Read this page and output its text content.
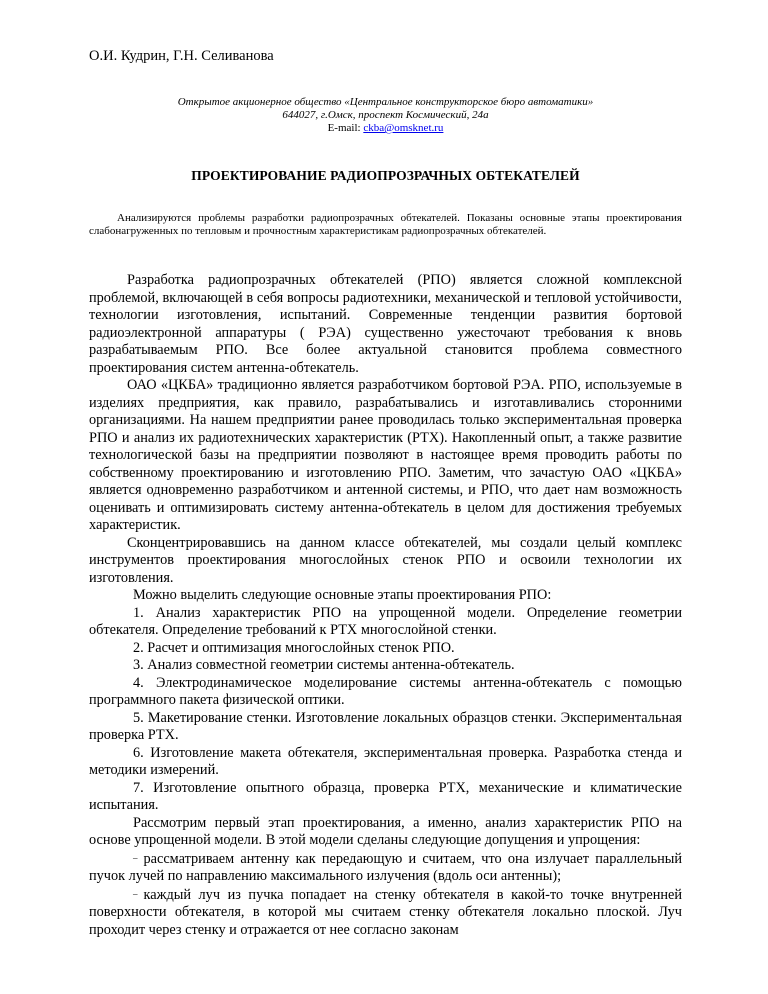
О.И. Кудрин, Г.Н. Селиванова
Открытое акционерное общество «Центральное конструкторское бюро автоматики»
644027, г.Омск, проспект Космический, 24а
E-mail: ckba@omsknet.ru
ПРОЕКТИРОВАНИЕ РАДИОПРОЗРАЧНЫХ ОБТЕКАТЕЛЕЙ

Анализируются проблемы разработки радиопрозрачных обтекателей. Показаны основные этапы проектирования слабонагруженных по тепловым и прочностным характеристикам радиопрозрачных обтекателей.

Разработка радиопрозрачных обтекателей (РПО) является сложной комплексной проблемой, включающей в себя вопросы радиотехники, механической и тепловой устойчивости, технологии изготовления, испытаний. Современные тенденции развития бортовой радиоэлектронной аппаратуры ( РЭА) существенно ужесточают требования к вновь разрабатываемым РПО. Все более актуальной становится проблема совместного проектирования систем антенна-обтекатель.

ОАО «ЦКБА» традиционно является разработчиком бортовой РЭА. РПО, используемые в изделиях предприятия, как правило, разрабатывались и изготавливались сторонними организациями. На нашем предприятии ранее проводилась только экспериментальная проверка РПО и анализ их радиотехнических характеристик (РТХ). Накопленный опыт, а также развитие технологической базы на предприятии позволяют в настоящее время проводить работы по собственному проектированию и изготовлению РПО. Заметим, что зачастую ОАО «ЦКБА» является одновременно разработчиком и антенной системы, и РПО, что дает нам возможность оценивать и оптимизировать систему антенна-обтекатель в целом для достижения требуемых характеристик.

Сконцентрировавшись на данном классе обтекателей, мы создали целый комплекс инструментов проектирования многослойных стенок РПО и освоили технологии их изготовления.

Можно выделить следующие основные этапы проектирования РПО:

1. Анализ характеристик РПО на упрощенной модели. Определение геометрии обтекателя. Определение требований к РТХ многослойной стенки.

2. Расчет и оптимизация многослойных стенок РПО.

3. Анализ совместной геометрии системы антенна-обтекатель.

4. Электродинамическое моделирование системы антенна-обтекатель с помощью программного пакета физической оптики.

5. Макетирование стенки. Изготовление локальных образцов стенки. Экспериментальная проверка РТХ.

6. Изготовление макета обтекателя, экспериментальная проверка. Разработка стенда и методики измерений.

7. Изготовление опытного образца, проверка РТХ, механические и климатические испытания.

Рассмотрим первый этап проектирования, а именно, анализ характеристик РПО на основе упрощенной модели. В этой модели сделаны следующие допущения и упрощения:

– рассматриваем антенну как передающую и считаем, что она излучает параллельный пучок лучей по направлению максимального излучения (вдоль оси антенны);

– каждый луч из пучка попадает на стенку обтекателя в какой-то точке внутренней поверхности обтекателя, в которой мы считаем стенку обтекателя локально плоской. Луч проходит через стенку и отражается от нее согласно законам
